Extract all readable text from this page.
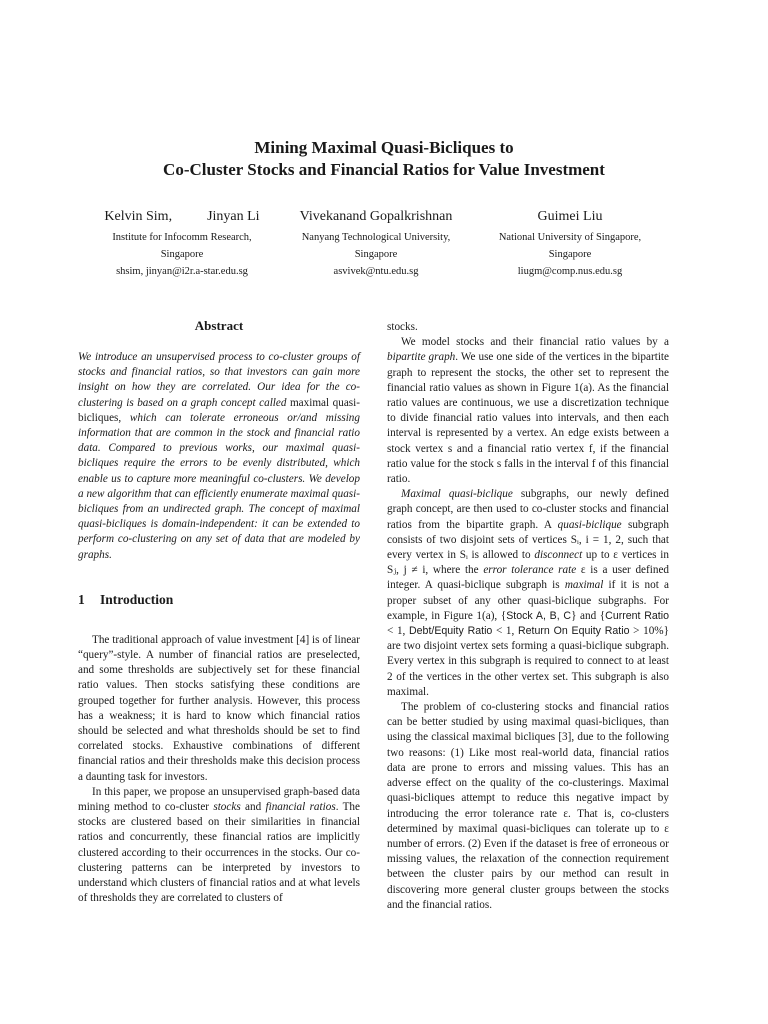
Mining Maximal Quasi-Bicliques to
Co-Cluster Stocks and Financial Ratios for Value Investment
Kelvin Sim,	Jinyan Li
Institute for Infocomm Research,
Singapore
shsim, jinyan@i2r.a-star.edu.sg
Vivekanand Gopalkrishnan
Nanyang Technological University,
Singapore
asvivek@ntu.edu.sg
Guimei Liu
National University of Singapore,
Singapore
liugm@comp.nus.edu.sg
Abstract

We introduce an unsupervised process to co-cluster groups of stocks and financial ratios, so that investors can gain more insight on how they are correlated. Our idea for the co-clustering is based on a graph concept called maximal quasi-bicliques, which can tolerate erroneous or/and missing information that are common in the stock and financial ratio data. Compared to previous works, our maximal quasi-bicliques require the errors to be evenly distributed, which enable us to capture more meaningful co-clusters. We develop a new algorithm that can efficiently enumerate maximal quasi-bicliques from an undirected graph. The concept of maximal quasi-bicliques is domain-independent: it can be extended to perform co-clustering on any set of data that are modeled by graphs.

1 Introduction

The traditional approach of value investment [4] is of linear “query”-style. A number of financial ratios are preselected, and some thresholds are subjectively set for these financial ratio values. Then stocks satisfying these conditions are grouped together for further analysis. However, this process has a weakness; it is hard to know which financial ratios should be selected and what thresholds should be set to find correlated stocks. Exhaustive combinations of different financial ratios and their thresholds make this decision process a daunting task for investors.

In this paper, we propose an unsupervised graph-based data mining method to co-cluster stocks and financial ratios. The stocks are clustered based on their similarities in financial ratios and concurrently, these financial ratios are implicitly clustered according to their occurrences in the stocks. Our co-clustering patterns can be interpreted by investors to understand which clusters of financial ratios and at what levels of thresholds they are correlated to clusters of

stocks.

We model stocks and their financial ratio values by a bipartite graph. We use one side of the vertices in the bipartite graph to represent the stocks, the other set to represent the financial ratio values as shown in Figure 1(a). As the financial ratio values are continuous, we use a discretization technique to divide financial ratio values into intervals, and then each interval is represented by a vertex. An edge exists between a stock vertex s and a financial ratio vertex f, if the financial ratio value for the stock s falls in the interval f of this financial ratio.

Maximal quasi-biclique subgraphs, our newly defined graph concept, are then used to co-cluster stocks and financial ratios from the bipartite graph. A quasi-biclique subgraph consists of two disjoint sets of vertices Sᵢ, i = 1, 2, such that every vertex in Sᵢ is allowed to disconnect up to ε vertices in Sⱼ, j ≠ i, where the error tolerance rate ε is a user defined integer. A quasi-biclique subgraph is maximal if it is not a proper subset of any other quasi-biclique subgraphs. For example, in Figure 1(a), {Stock A, B, C} and {Current Ratio < 1, Debt/Equity Ratio < 1, Return On Equity Ratio > 10%} are two disjoint vertex sets forming a quasi-biclique subgraph. Every vertex in this subgraph is required to connect to at least 2 of the vertices in the other vertex set. This subgraph is also maximal.

The problem of co-clustering stocks and financial ratios can be better studied by using maximal quasi-bicliques, than using the classical maximal bicliques [3], due to the following two reasons: (1) Like most real-world data, financial ratios data are prone to errors and missing values. This has an adverse effect on the quality of the co-clusterings. Maximal quasi-bicliques attempt to reduce this negative impact by introducing the error tolerance rate ε. That is, co-clusters determined by maximal quasi-bicliques can tolerate up to ε number of errors. (2) Even if the dataset is free of erroneous or missing values, the relaxation of the connection requirement between the cluster pairs by our method can result in discovering more general cluster groups between the stocks and the financial ratios.
